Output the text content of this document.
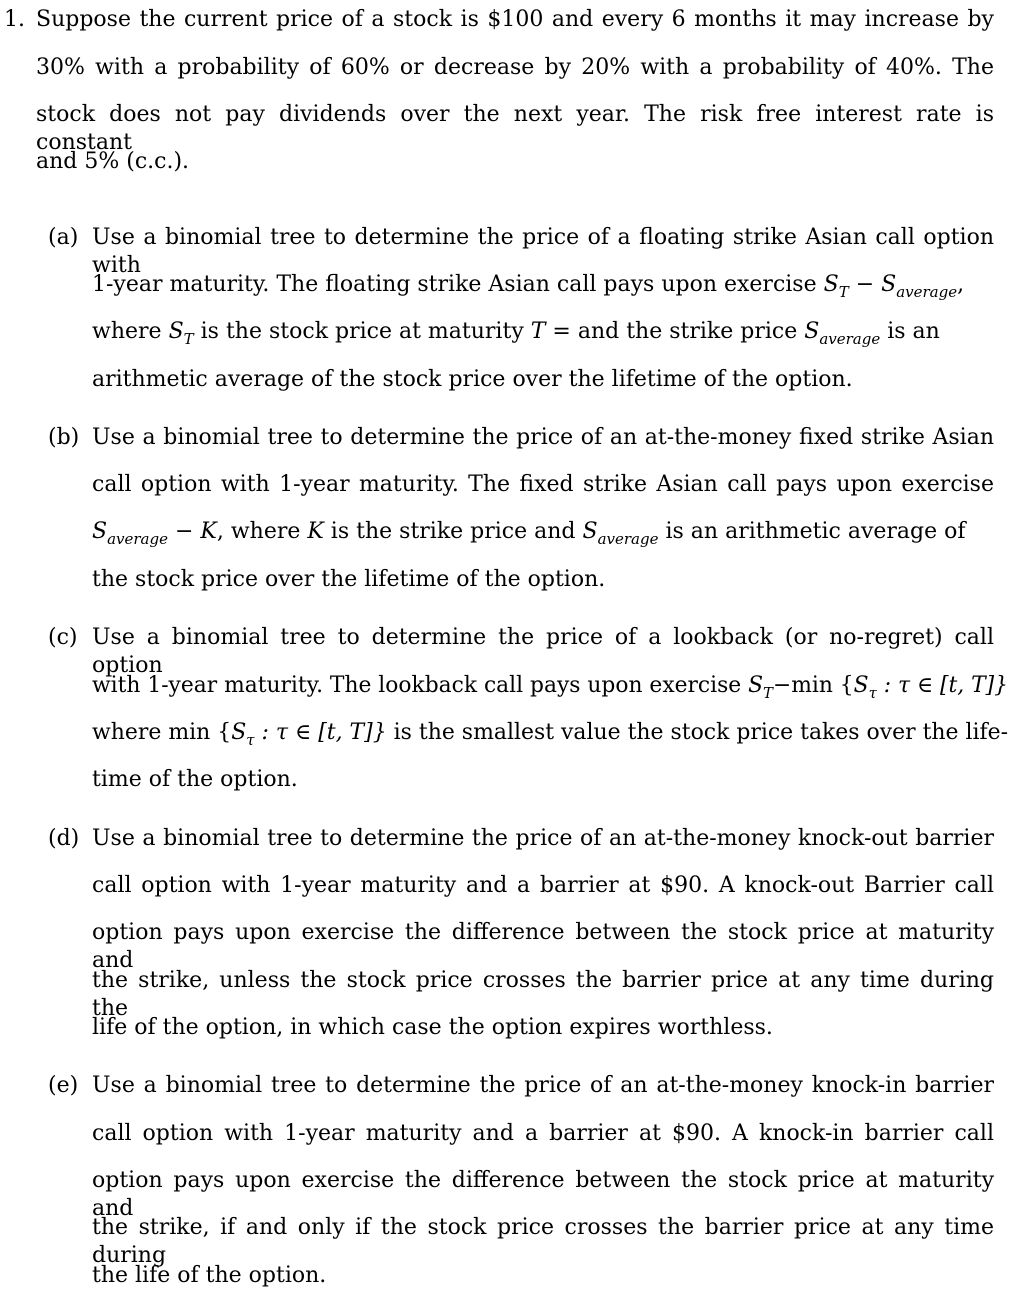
1. Suppose the current price of a stock is $100 and every 6 months it may increase by
30% with a probability of 60% or decrease by 20% with a probability of 40%. The
stock does not pay dividends over the next year. The risk free interest rate is constant
and 5% (c.c.).
(a) Use a binomial tree to determine the price of a floating strike Asian call option with
1-year maturity. The floating strike Asian call pays upon exercise $S_T - S_{average}$,
where $S_T$ is the stock price at maturity T = and the strike price $S_{average}$ is an
arithmetic average of the stock price over the lifetime of the option.
(b) Use a binomial tree to determine the price of an at-the-money fixed strike Asian
call option with 1-year maturity. The fixed strike Asian call pays upon exercise
$S_{average} - K$, where K is the strike price and $S_{average}$ is an arithmetic average of
the stock price over the lifetime of the option.
(c) Use a binomial tree to determine the price of a lookback (or no-regret) call option
with 1-year maturity. The lookback call pays upon exercise $S_T-\min$ {$S_\tau$ : τ ∈ [t, T]}
where $\min \{S_\tau$ : τ ∈ [t, T]} is the smallest value the stock price takes over the life-
time of the option.
(d) Use a binomial tree to determine the price of an at-the-money knock-out barrier
call option with 1-year maturity and a barrier at $90. A knock-out Barrier call
option pays upon exercise the difference between the stock price at maturity and
the strike, unless the stock price crosses the barrier price at any time during the
life of the option, in which case the option expires worthless.
(e) Use a binomial tree to determine the price of an at-the-money knock-in barrier
call option with 1-year maturity and a barrier at $90. A knock-in barrier call
option pays upon exercise the difference between the stock price at maturity and
the strike, if and only if the stock price crosses the barrier price at any time during
the life of the option.
